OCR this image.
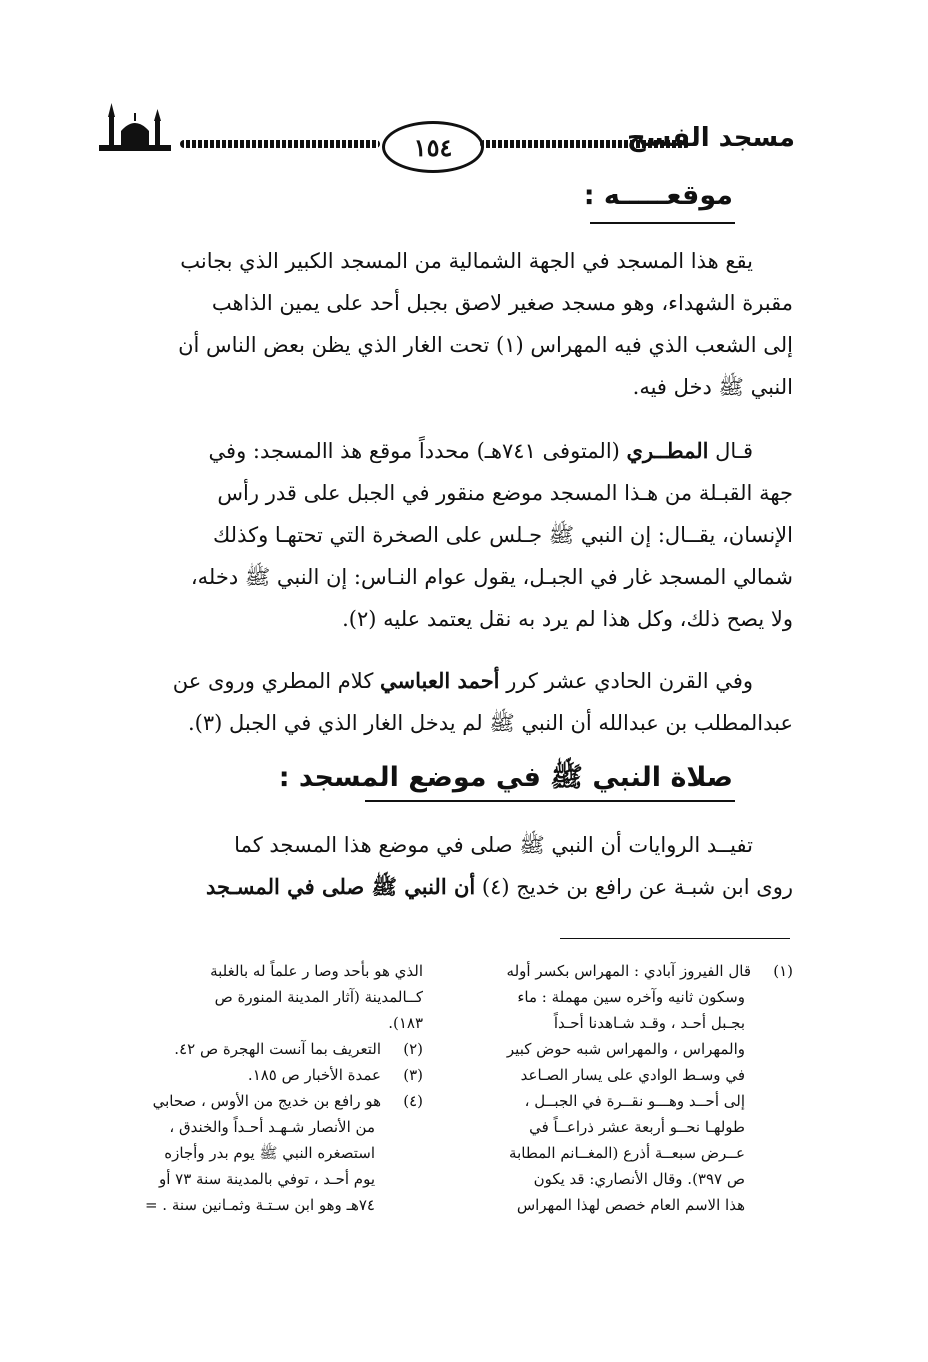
١٥٤	مسجد الفسح
موقعـــــه :

يقع هذا المسجد في الجهة الشمالية من المسجد الكبير الذي بجانب
مقبرة الشهداء، وهو مسجد صغير لاصق بجبل أحد على يمين الذاهب
إلى الشعب الذي فيه المهراس (١) تحت الغار الذي يظن بعض الناس أن
النبي ﷺ دخل فيه.

قـال المطــري (المتوفى ٧٤١هـ) محدداً موقع هذ االمسجد: وفي
جهة القبـلة من هـذا المسجد موضع منقور في الجبل على قدر رأس
الإنسان، يقــال: إن النبي ﷺ جـلس على الصخرة التي تحتهـا وكذلك
شمالي المسجد غار في الجبـل، يقول عوام النـاس: إن النبي ﷺ دخله،
ولا يصح ذلك، وكل هذا لم يرد به نقل يعتمد عليه (٢).

وفي القرن الحادي عشر كرر أحمد العباسي كلام المطري وروى عن
عبدالمطلب بن عبدالله أن النبي ﷺ لم يدخل الغار الذي في الجبل (٣).

صلاة النبي ﷺ في موضع المسجد :

تفيــد الروايات أن النبي ﷺ صلى في موضع هذا المسجد كما
روى ابن شبـة عن رافع بن خديج (٤) أن النبي ﷺ صلى في المسـجد

(١)قال الفيروز آبادي : المهراس بكسر أوله
وسكون ثانيه وآخره سين مهملة : ماء
بجـبل أحـد ، وقـد شـاهدنا أحـداً
والمهراس ، والمهراس شبه حوض كبير
في وسـط الوادي على يسار الصـاعد
إلى أحــد وهـــو نقــرة في الجبــل ،
طولهـا نحــو أربعة عشر ذراعــاً في
عــرض سبعــة أذرع (المغــانم المطابة
ص ٣٩٧). وقال الأنصاري: قد يكون
هذا الاسم العام خصص لهذا المهراس
الذي هو بأحد وصا ر علماً له بالغلبة
كــالمدينة (آثار المدينة المنورة ص
١٨٣).
(٢)التعريف بما آنست الهجرة ص ٤٢.
(٣)عمدة الأخبار ص ١٨٥.
(٤)هو رافع بن خديج من الأوس ، صحابي
من الأنصار شـهـد أحـداً والخندق ،
استصغره النبي ﷺ يوم بدر وأجازه
يوم أحـد ، توفي بالمدينة سنة ٧٣ أو
٧٤هـ وهو ابن سـتـة وثمـانين سنة . =
